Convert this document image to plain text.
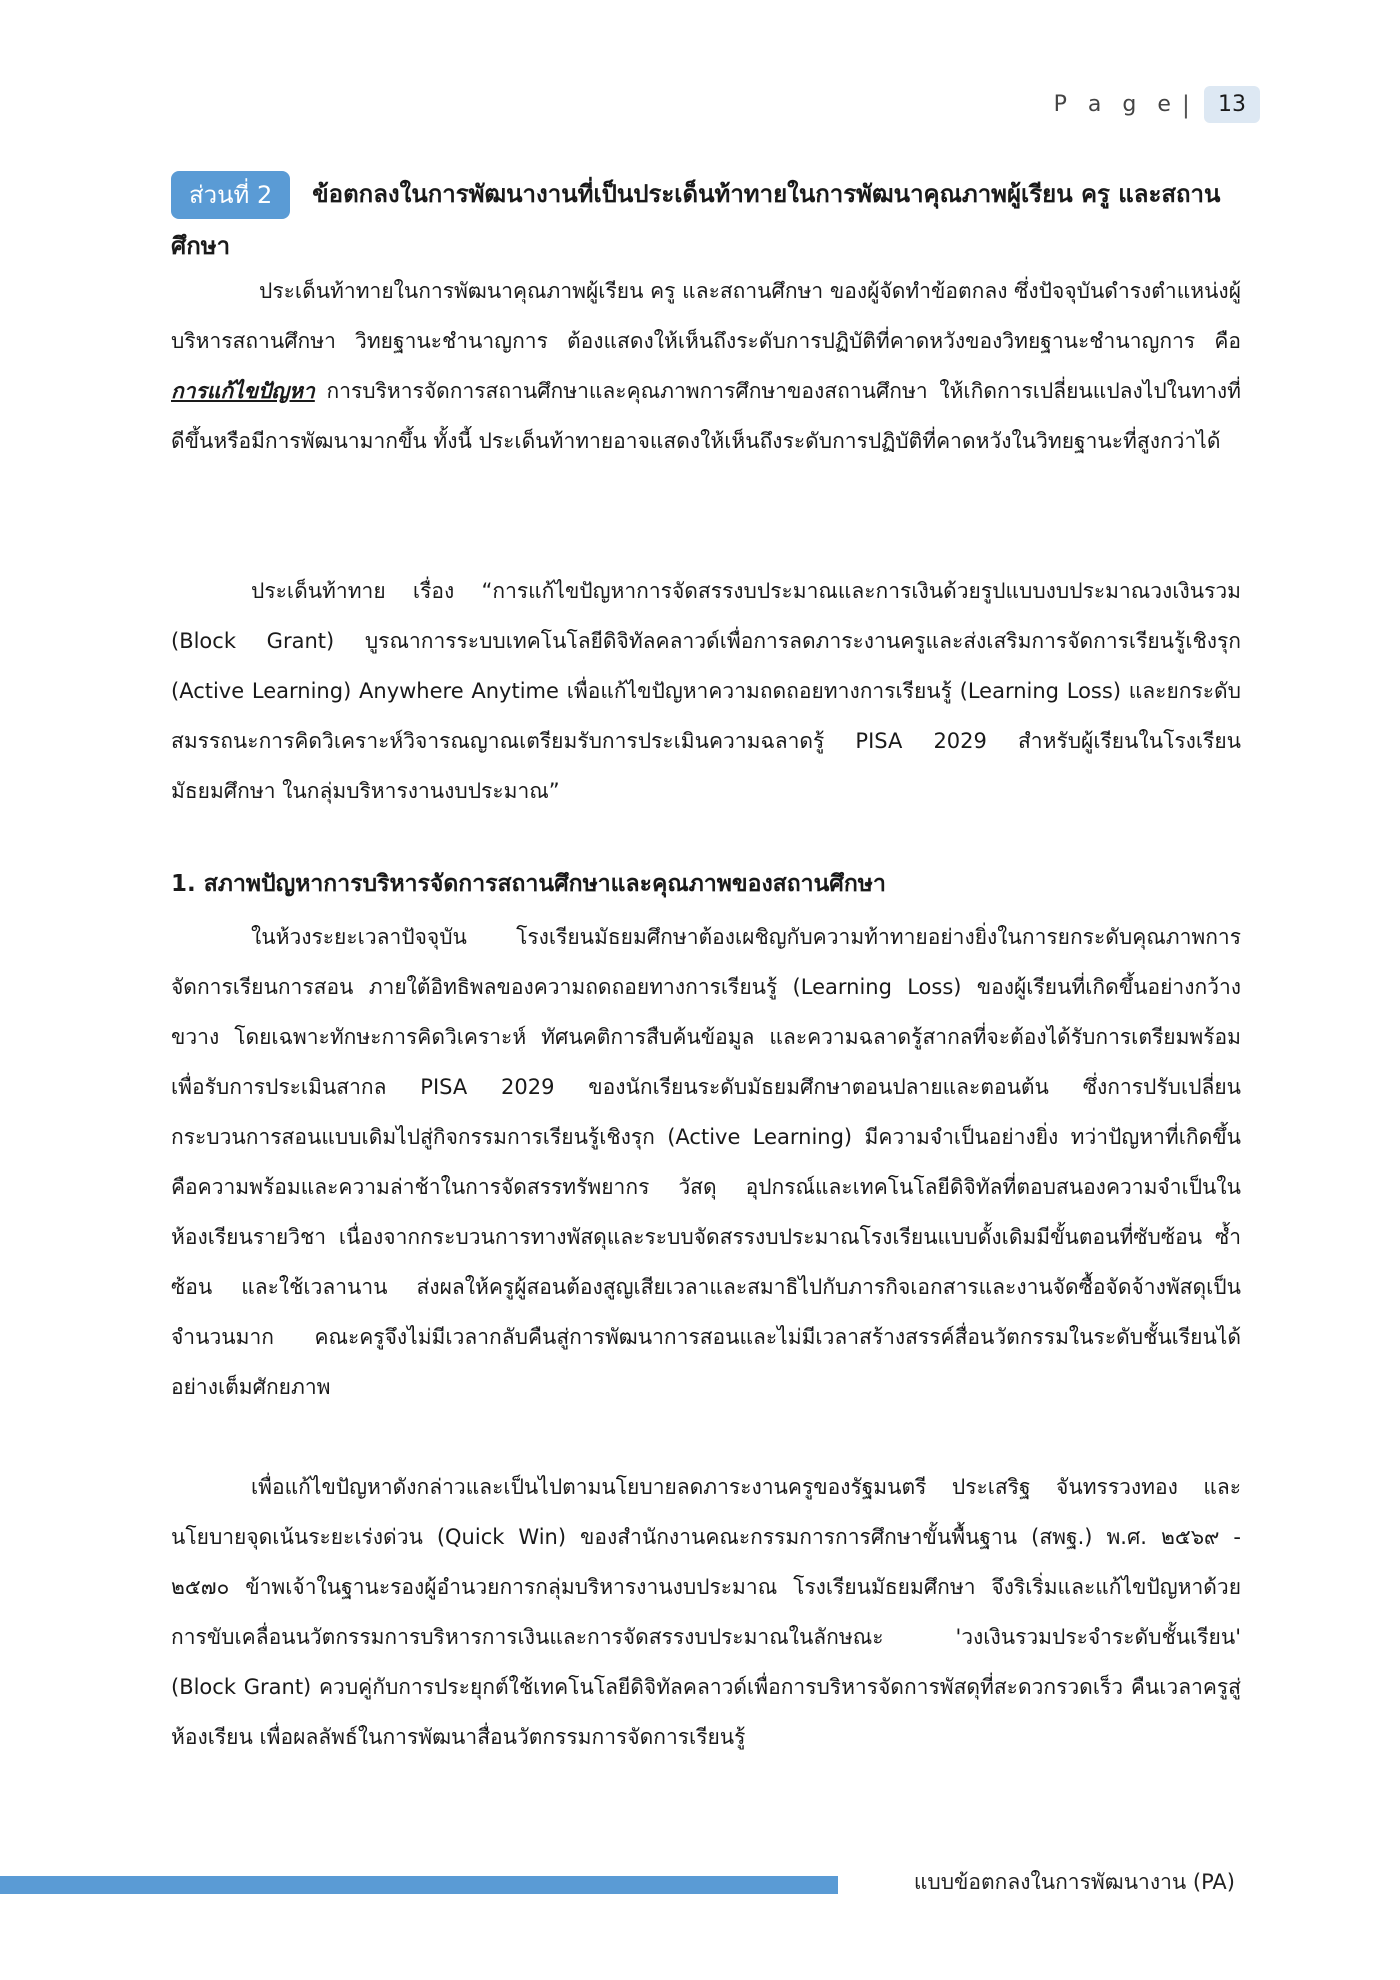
P a g e |	13
ส่วนที่ 2 ข้อตกลงในการพัฒนางานที่เป็นประเด็นท้าทายในการพัฒนาคุณภาพผู้เรียน ครู และสถานศึกษา

ประเด็นท้าทายในการพัฒนาคุณภาพผู้เรียน ครู และสถานศึกษา ของผู้จัดทำข้อตกลง ซึ่งปัจจุบันดำรงตำแหน่งผู้บริหารสถานศึกษา วิทยฐานะชำนาญการ ต้องแสดงให้เห็นถึงระดับการปฏิบัติที่คาดหวังของวิทยฐานะชำนาญการ คือ การแก้ไขปัญหา การบริหารจัดการสถานศึกษาและคุณภาพการศึกษาของสถานศึกษา ให้เกิดการเปลี่ยนแปลงไปในทางที่ดีขึ้นหรือมีการพัฒนามากขึ้น ทั้งนี้ ประเด็นท้าทายอาจแสดงให้เห็นถึงระดับการปฏิบัติที่คาดหวังในวิทยฐานะที่สูงกว่าได้

ประเด็นท้าทาย เรื่อง “การแก้ไขปัญหาการจัดสรรงบประมาณและการเงินด้วยรูปแบบงบประมาณวงเงินรวม (Block Grant) บูรณาการระบบเทคโนโลยีดิจิทัลคลาวด์เพื่อการลดภาระงานครูและส่งเสริมการจัดการเรียนรู้เชิงรุก (Active Learning) Anywhere Anytime เพื่อแก้ไขปัญหาความถดถอยทางการเรียนรู้ (Learning Loss) และยกระดับสมรรถนะการคิดวิเคราะห์วิจารณญาณเตรียมรับการประเมินความฉลาดรู้ PISA 2029 สำหรับผู้เรียนในโรงเรียนมัธยมศึกษา ในกลุ่มบริหารงานงบประมาณ”

1. สภาพปัญหาการบริหารจัดการสถานศึกษาและคุณภาพของสถานศึกษา

ในห้วงระยะเวลาปัจจุบัน โรงเรียนมัธยมศึกษาต้องเผชิญกับความท้าทายอย่างยิ่งในการยกระดับคุณภาพการจัดการเรียนการสอน ภายใต้อิทธิพลของความถดถอยทางการเรียนรู้ (Learning Loss) ของผู้เรียนที่เกิดขึ้นอย่างกว้างขวาง โดยเฉพาะทักษะการคิดวิเคราะห์ ทัศนคติการสืบค้นข้อมูล และความฉลาดรู้สากลที่จะต้องได้รับการเตรียมพร้อมเพื่อรับการประเมินสากล PISA 2029 ของนักเรียนระดับมัธยมศึกษาตอนปลายและตอนต้น ซึ่งการปรับเปลี่ยนกระบวนการสอนแบบเดิมไปสู่กิจกรรมการเรียนรู้เชิงรุก (Active Learning) มีความจำเป็นอย่างยิ่ง ทว่าปัญหาที่เกิดขึ้นคือความพร้อมและความล่าช้าในการจัดสรรทรัพยากร วัสดุ อุปกรณ์และเทคโนโลยีดิจิทัลที่ตอบสนองความจำเป็นในห้องเรียนรายวิชา เนื่องจากกระบวนการทางพัสดุและระบบจัดสรรงบประมาณโรงเรียนแบบดั้งเดิมมีขั้นตอนที่ซับซ้อน ซ้ำซ้อน และใช้เวลานาน ส่งผลให้ครูผู้สอนต้องสูญเสียเวลาและสมาธิไปกับภารกิจเอกสารและงานจัดซื้อจัดจ้างพัสดุเป็นจำนวนมาก คณะครูจึงไม่มีเวลากลับคืนสู่การพัฒนาการสอนและไม่มีเวลาสร้างสรรค์สื่อนวัตกรรมในระดับชั้นเรียนได้อย่างเต็มศักยภาพ

เพื่อแก้ไขปัญหาดังกล่าวและเป็นไปตามนโยบายลดภาระงานครูของรัฐมนตรี ประเสริฐ จันทรรวงทอง และนโยบายจุดเน้นระยะเร่งด่วน (Quick Win) ของสำนักงานคณะกรรมการการศึกษาขั้นพื้นฐาน (สพฐ.) พ.ศ. ๒๕๖๙ - ๒๕๗๐ ข้าพเจ้าในฐานะรองผู้อำนวยการกลุ่มบริหารงานงบประมาณ โรงเรียนมัธยมศึกษา จึงริเริ่มและแก้ไขปัญหาด้วยการขับเคลื่อนนวัตกรรมการบริหารการเงินและการจัดสรรงบประมาณในลักษณะ 'วงเงินรวมประจำระดับชั้นเรียน' (Block Grant) ควบคู่กับการประยุกต์ใช้เทคโนโลยีดิจิทัลคลาวด์เพื่อการบริหารจัดการพัสดุที่สะดวกรวดเร็ว คืนเวลาครูสู่ห้องเรียน เพื่อผลลัพธ์ในการพัฒนาสื่อนวัตกรรมการจัดการเรียนรู้

แบบข้อตกลงในการพัฒนางาน (PA)
